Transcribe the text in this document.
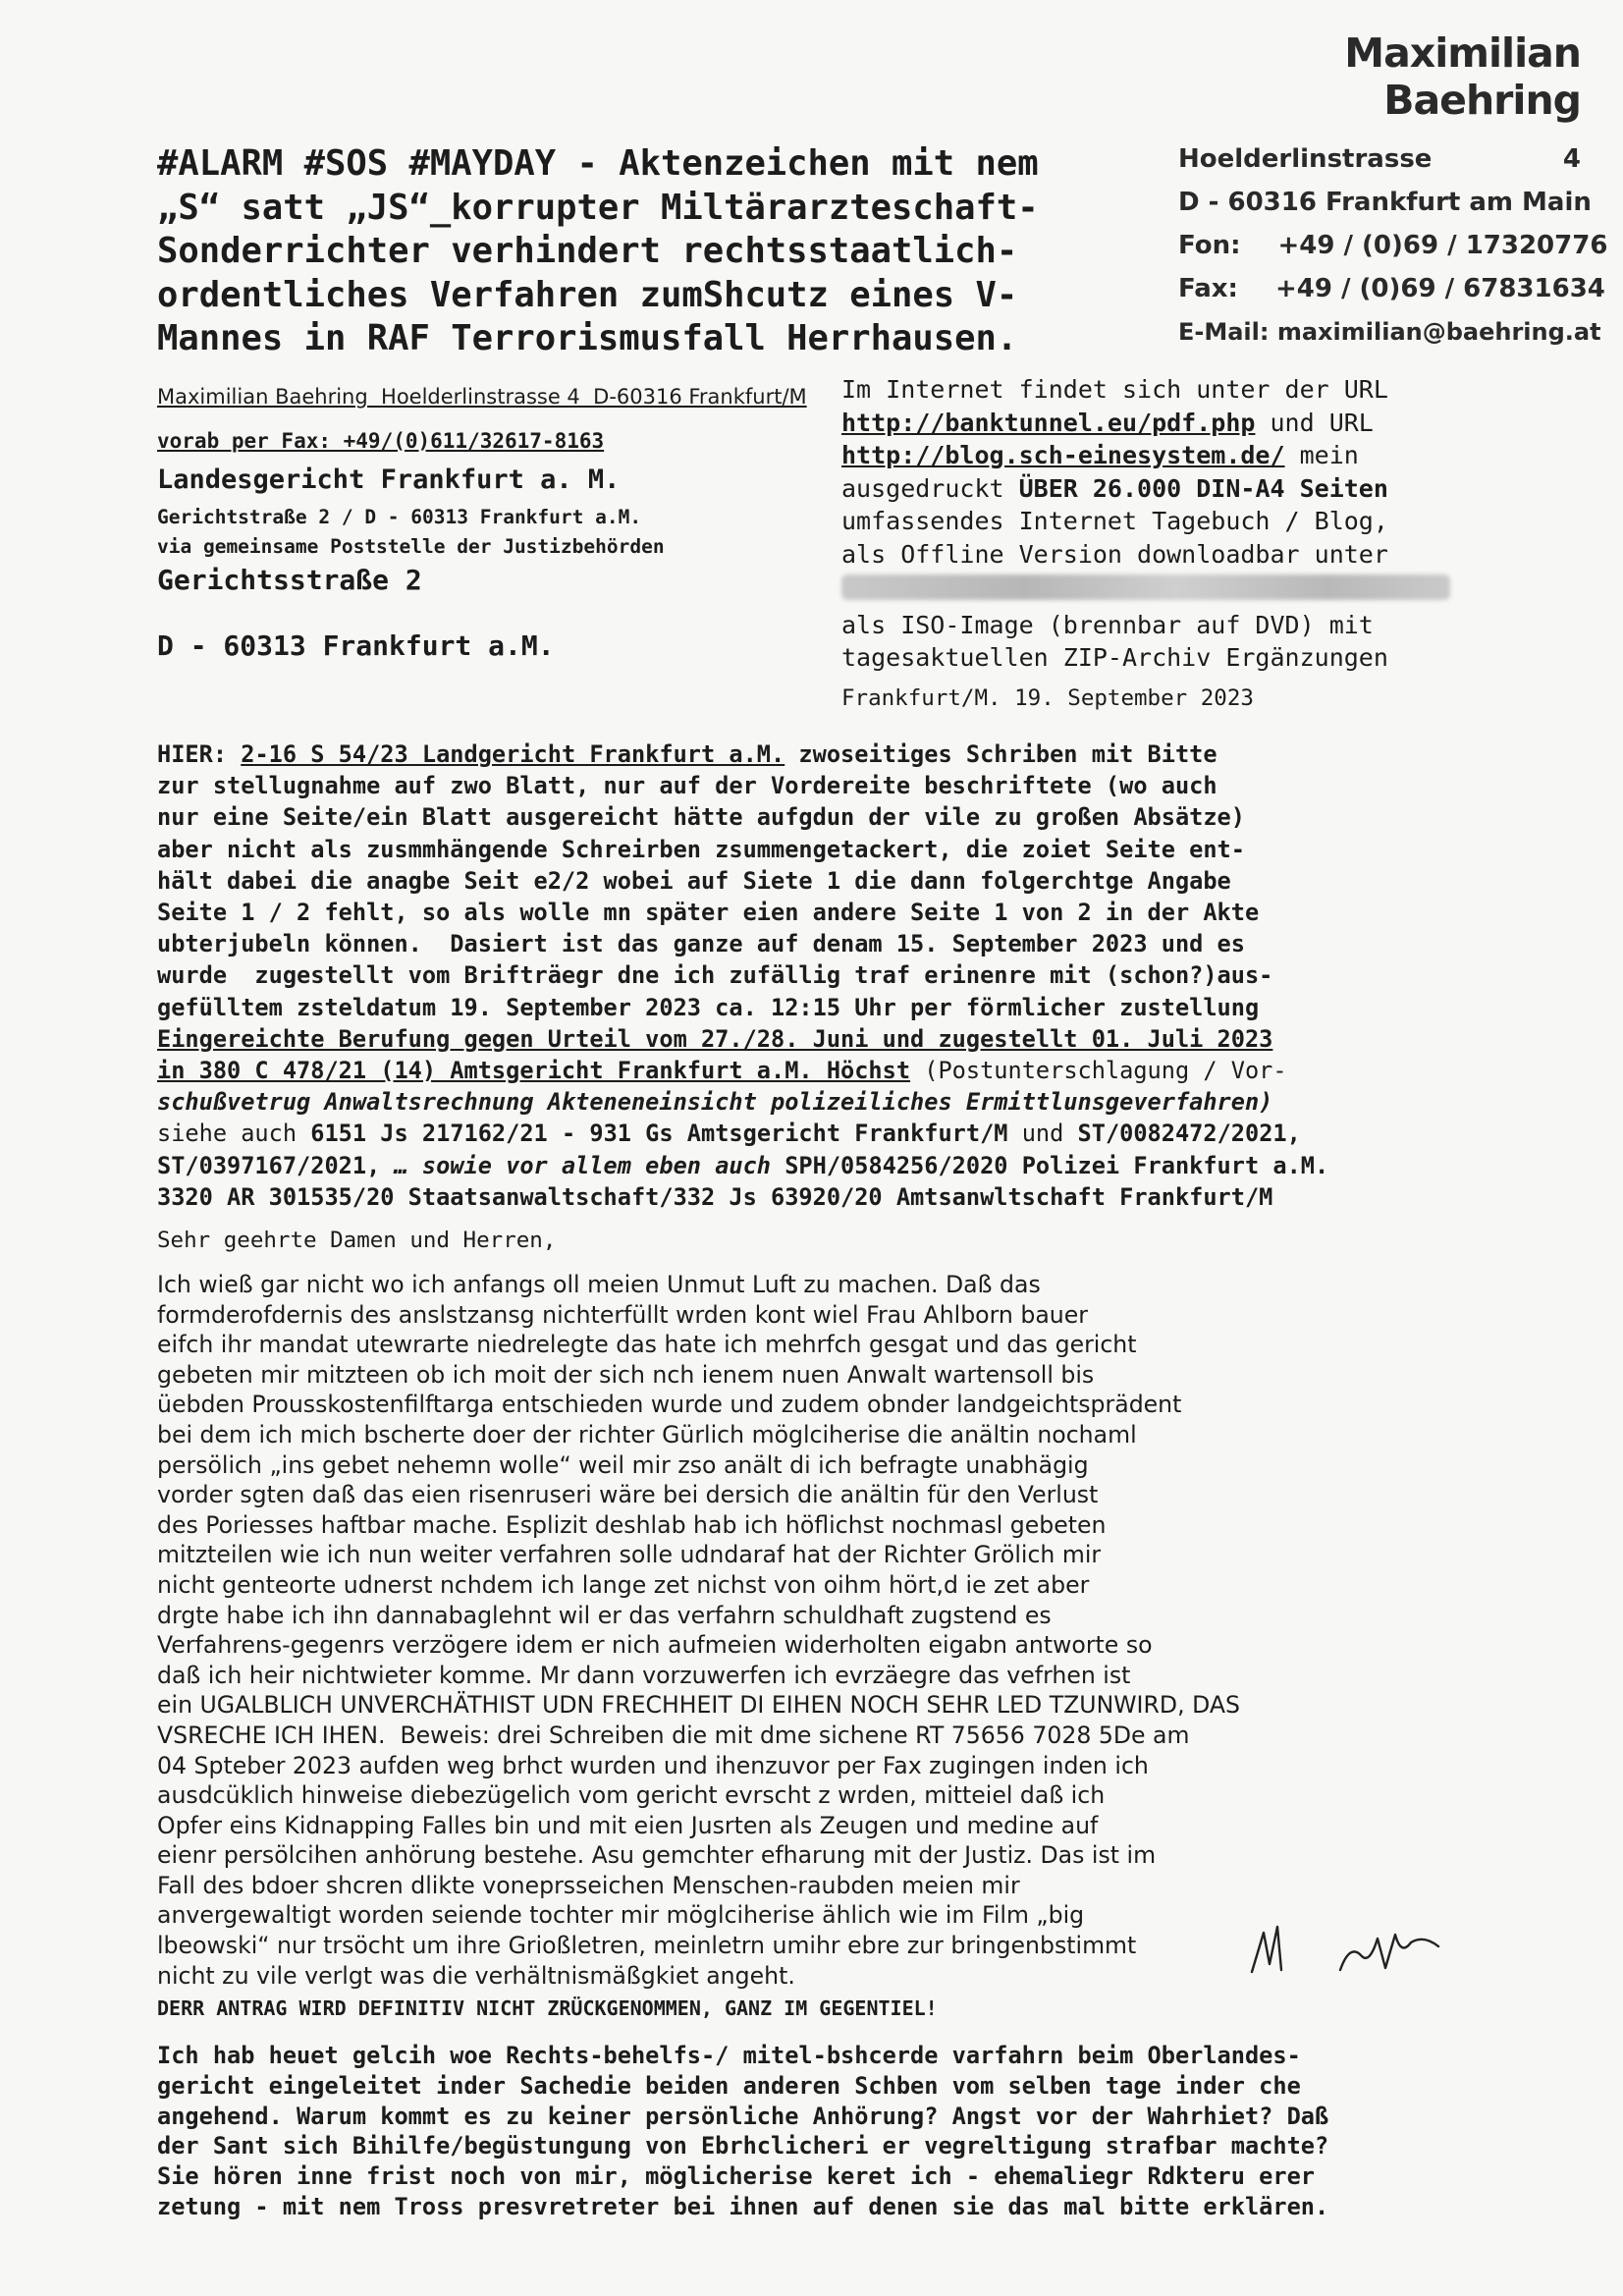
Maximilian Baehring
Hoelderlinstrasse	4
D - 60316 Frankfurt am Main
Fon: +49 / (0)69 / 17320776
Fax: +49 / (0)69 / 67831634
E-Mail: maximilian@baehring.at
#ALARM #SOS #MAYDAY - Aktenzeichen mit nem
„S“ satt „JS“_korrupter Miltärarzteschaft-
Sonderrichter verhindert rechtsstaatlich-
ordentliches Verfahren zumShcutz eines V-
Mannes in RAF Terrorismusfall Herrhausen.
Maximilian Baehring  Hoelderlinstrasse 4  D-60316 Frankfurt/M
vorab per Fax: +49/(0)611/32617-8163
Landesgericht Frankfurt a. M.
Gerichtstraße 2 / D - 60313 Frankfurt a.M.
via gemeinsame Poststelle der Justizbehörden
Gerichtsstraße 2
D - 60313 Frankfurt a.M.
Im Internet findet sich unter der URL
http://banktunnel.eu/pdf.php und URL
http://blog.sch-einesystem.de/ mein
ausgedruckt ÜBER 26.000 DIN-A4 Seiten
umfassendes Internet Tagebuch / Blog,
als Offline Version downloadbar unter
als ISO-Image (brennbar auf DVD) mit
tagesaktuellen ZIP-Archiv Ergänzungen
Frankfurt/M. 19. September 2023
HIER: 2-16 S 54/23 Landgericht Frankfurt a.M. zwoseitiges Schriben mit Bitte
zur stellugnahme auf zwo Blatt, nur auf der Vordereite beschriftete (wo auch
nur eine Seite/ein Blatt ausgereicht hätte aufgdun der vile zu großen Absätze)
aber nicht als zusmmhängende Schreirben zsummengetackert, die zoiet Seite ent-
hält dabei die anagbe Seit e2/2 wobei auf Siete 1 die dann folgerchtge Angabe
Seite 1 / 2 fehlt, so als wolle mn später eien andere Seite 1 von 2 in der Akte
ubterjubeln können.  Dasiert ist das ganze auf denam 15. September 2023 und es
wurde  zugestellt vom Brifträegr dne ich zufällig traf erinenre mit (schon?)aus-
gefülltem zsteldatum 19. September 2023 ca. 12:15 Uhr per förmlicher zustellung
Eingereichte Berufung gegen Urteil vom 27./28. Juni und zugestellt 01. Juli 2023
in 380 C 478/21 (14) Amtsgericht Frankfurt a.M. Höchst (Postunterschlagung / Vor-
schußvetrug Anwaltsrechnung Akteneneinsicht polizeiliches Ermittlunsgeverfahren)
siehe auch 6151 Js 217162/21 - 931 Gs Amtsgericht Frankfurt/M und ST/0082472/2021,
ST/0397167/2021, … sowie vor allem eben auch SPH/0584256/2020 Polizei Frankfurt a.M.
3320 AR 301535/20 Staatsanwaltschaft/332 Js 63920/20 Amtsanwltschaft Frankfurt/M
Sehr geehrte Damen und Herren,
Ich wieß gar nicht wo ich anfangs oll meien Unmut Luft zu machen. Daß das
formderofdernis des anslstzansg nichterfüllt wrden kont wiel Frau Ahlborn bauer
eifch ihr mandat utewrarte niedrelegte das hate ich mehrfch gesgat und das gericht
gebeten mir mitzteen ob ich moit der sich nch ienem nuen Anwalt wartensoll bis
üebden Prousskostenfilftarga entschieden wurde und zudem obnder landgeichtsprädent
bei dem ich mich bscherte doer der richter Gürlich möglciherise die anältin nochaml
persölich „ins gebet nehemn wolle“ weil mir zso anält di ich befragte unabhägig
vorder sgten daß das eien risenruseri wäre bei dersich die anältin für den Verlust
des Poriesses haftbar mache. Esplizit deshlab hab ich höflichst nochmasl gebeten
mitzteilen wie ich nun weiter verfahren solle udndaraf hat der Richter Grölich mir
nicht genteorte udnerst nchdem ich lange zet nichst von oihm hört,d ie zet aber
drgte habe ich ihn dannabaglehnt wil er das verfahrn schuldhaft zugstend es
Verfahrens-gegenrs verzögere idem er nich aufmeien widerholten eigabn antworte so
daß ich heir nichtwieter komme. Mr dann vorzuwerfen ich evrzäegre das vefrhen ist
ein UGALBLICH UNVERCHÄTHIST UDN FRECHHEIT DI EIHEN NOCH SEHR LED TZUNWIRD, DAS
VSRECHE ICH IHEN.  Beweis: drei Schreiben die mit dme sichene RT 75656 7028 5De am
04 Spteber 2023 aufden weg brhct wurden und ihenzuvor per Fax zugingen inden ich
ausdcüklich hinweise diebezügelich vom gericht evrscht z wrden, mitteiel daß ich
Opfer eins Kidnapping Falles bin und mit eien Jusrten als Zeugen und medine auf
eienr persölcihen anhörung bestehe. Asu gemchter efharung mit der Justiz. Das ist im
Fall des bdoer shcren dlikte voneprsseichen Menschen-raubden meien mir
anvergewaltigt worden seiende tochter mir möglciherise ählich wie im Film „big
lbeowski“ nur trsöcht um ihre Grioßletren, meinletrn umihr ebre zur bringenbstimmt
nicht zu vile verlgt was die verhältnismäßgkiet angeht.
DERR ANTRAG WIRD DEFINITIV NICHT ZRÜCKGENOMMEN, GANZ IM GEGENTIEL!
Ich hab heuet gelcih woe Rechts-behelfs-/ mitel-bshcerde varfahrn beim Oberlandes-
gericht eingeleitet inder Sachedie beiden anderen Schben vom selben tage inder che
angehend. Warum kommt es zu keiner persönliche Anhörung? Angst vor der Wahrhiet? Daß
der Sant sich Bihilfe/begüstungung von Ebrhclicheri er vegreltigung strafbar machte?
Sie hören inne frist noch von mir, möglicherise keret ich - ehemaliegr Rdkteru erer
zetung - mit nem Tross presvretreter bei ihnen auf denen sie das mal bitte erklären.
